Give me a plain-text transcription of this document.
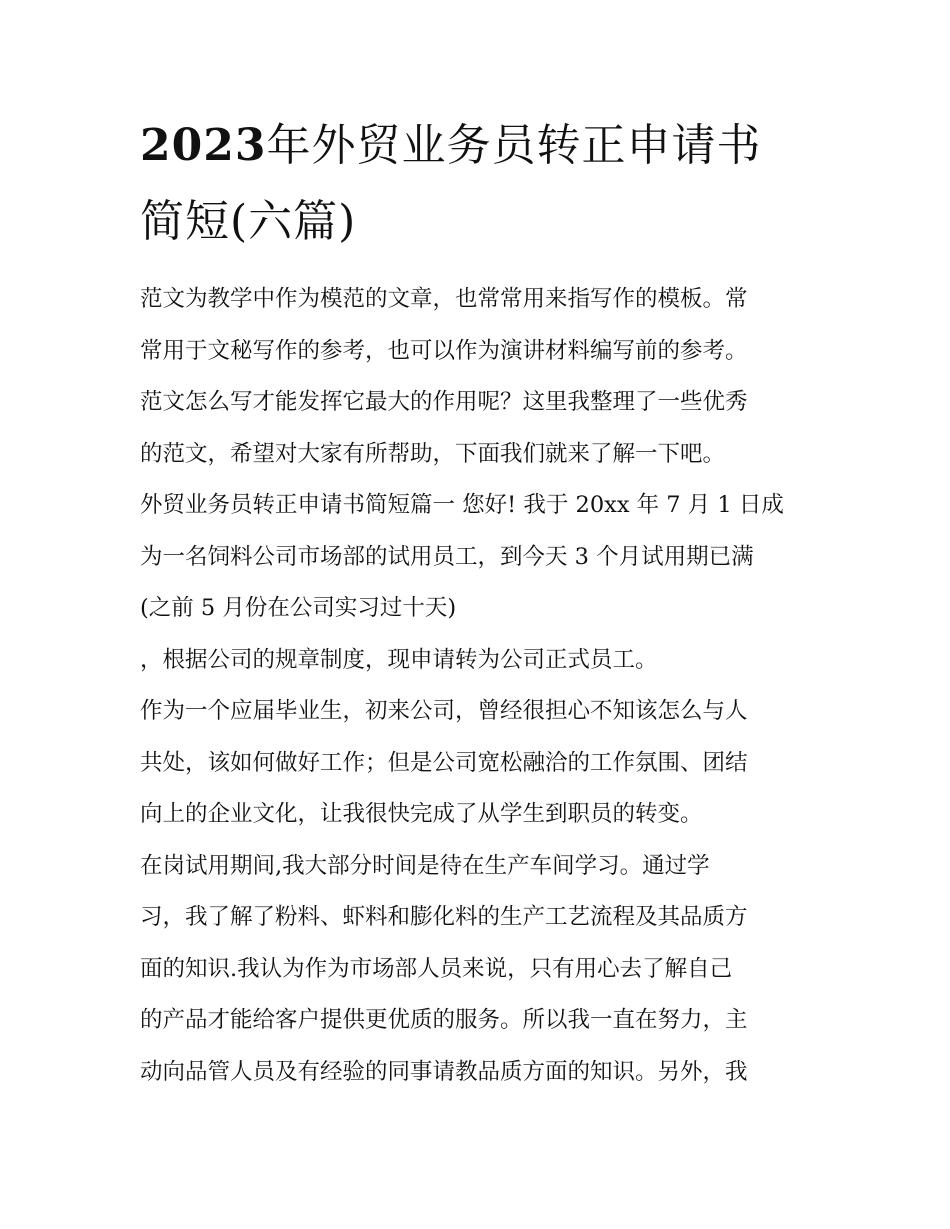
2023年外贸业务员转正申请书
简短(六篇)
范文为教学中作为模范的文章，也常常用来指写作的模板。常
常用于文秘写作的参考，也可以作为演讲材料编写前的参考。
范文怎么写才能发挥它最大的作用呢？这里我整理了一些优秀
的范文，希望对大家有所帮助，下面我们就来了解一下吧。
外贸业务员转正申请书简短篇一 您好! 我于 20xx 年 7 月 1 日成
为一名饲料公司市场部的试用员工，到今天 3 个月试用期已满
(之前 5 月份在公司实习过十天)
，根据公司的规章制度，现申请转为公司正式员工。
作为一个应届毕业生，初来公司，曾经很担心不知该怎么与人
共处，该如何做好工作；但是公司宽松融洽的工作氛围、团结
向上的企业文化，让我很快完成了从学生到职员的转变。
在岗试用期间,我大部分时间是待在生产车间学习。通过学
习，我了解了粉料、虾料和膨化料的生产工艺流程及其品质方
面的知识.我认为作为市场部人员来说，只有用心去了解自己
的产品才能给客户提供更优质的服务。所以我一直在努力，主
动向品管人员及有经验的同事请教品质方面的知识。另外，我
